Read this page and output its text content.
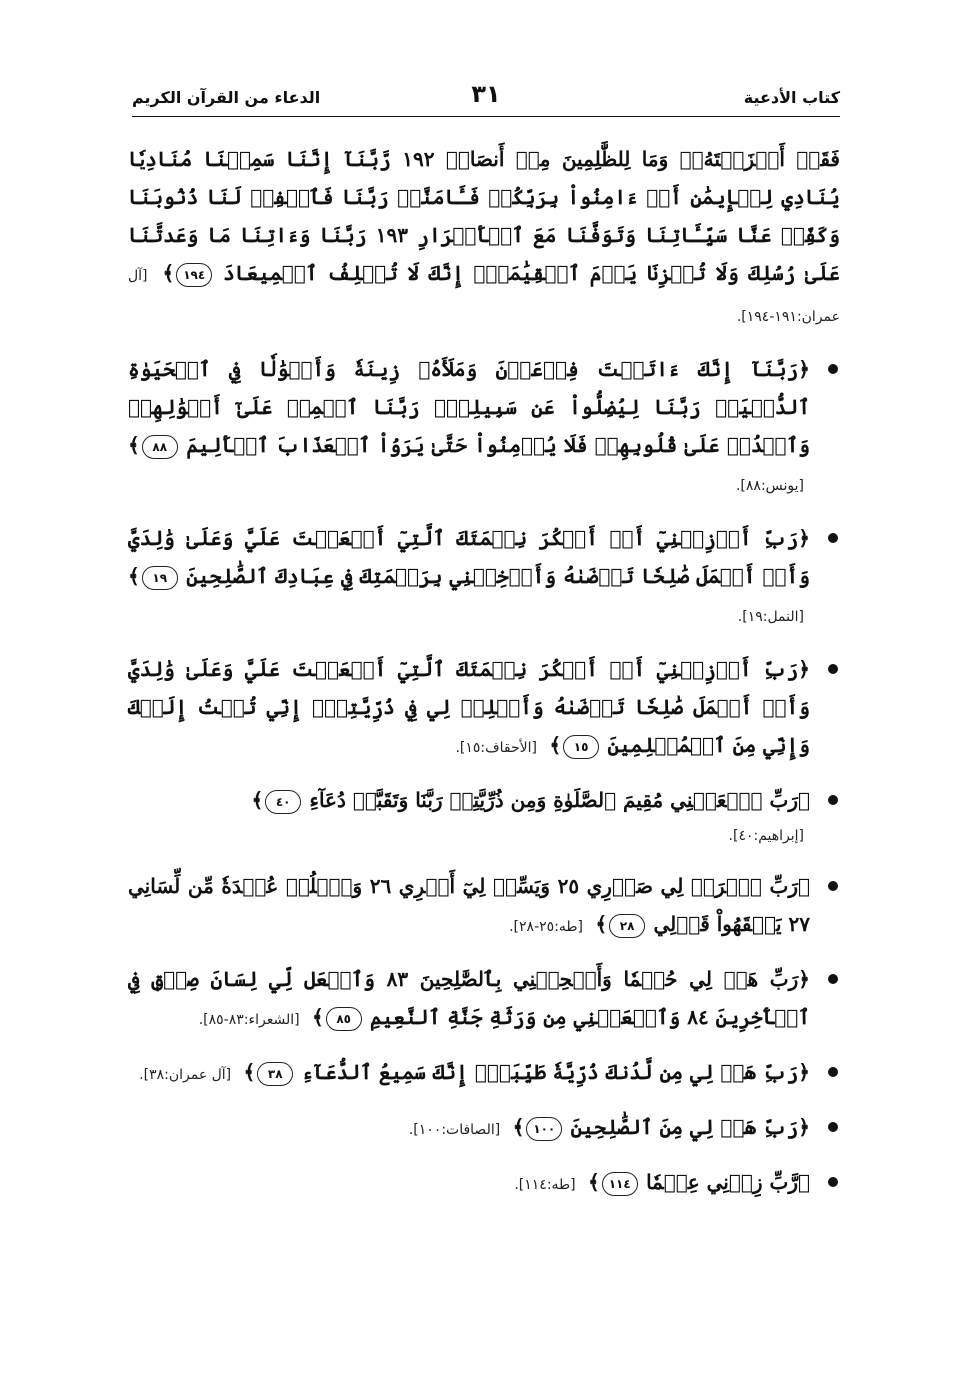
كتاب الأدعية
٣١
الدعاء من القرآن الكريم
فَقَدۡ أَخۡزَيۡتَهُۥۖ وَمَا لِلظَّٰلِمِينَ مِنۡ أَنصَارٖ ١٩٢ رَّبَّنَآ إِنَّنَا سَمِعۡنَا مُنَادِيٗا يُنَادِي لِلۡإِيمَٰنِ أَنۡ ءَامِنُواْ بِرَبِّكُمۡ فَـَٔامَنَّاۚ رَبَّنَا فَٱغۡفِرۡ لَنَا ذُنُوبَنَا وَكَفِّرۡ عَنَّا سَيِّـَٔاتِنَا وَتَوَفَّنَا مَعَ ٱلۡأَبۡرَارِ ١٩٣ رَبَّنَا وَءَاتِنَا مَا وَعَدتَّنَا عَلَىٰ رُسُلِكَ وَلَا تُخۡزِنَا يَوۡمَ ٱلۡقِيَٰمَةِۗ إِنَّكَ لَا تُخۡلِفُ ٱلۡمِيعَادَ ١٩٤﴾ [آل عمران:١٩١-١٩٤].
﴿رَبَّنَآ إِنَّكَ ءَاتَيۡتَ فِرۡعَوۡنَ وَمَلَأَهُۥ زِينَةٗ وَأَمۡوَٰلٗا فِي ٱلۡحَيَوٰةِ ٱلدُّنۡيَاۖ رَبَّنَا لِيُضِلُّواْ عَن سَبِيلِكَۖ رَبَّنَا ٱطۡمِسۡ عَلَىٰٓ أَمۡوَٰلِهِمۡ وَٱشۡدُدۡ عَلَىٰ قُلُوبِهِمۡ فَلَا يُؤۡمِنُواْ حَتَّىٰ يَرَوُاْ ٱلۡعَذَابَ ٱلۡأَلِيمَ ٨٨﴾ [يونس:٨٨].
﴿رَبِّ أَوۡزِعۡنِيٓ أَنۡ أَشۡكُرَ نِعۡمَتَكَ ٱلَّتِيٓ أَنۡعَمۡتَ عَلَيَّ وَعَلَىٰ وَٰلِدَيَّ وَأَنۡ أَعۡمَلَ صَٰلِحٗا تَرۡضَىٰهُ وَأَدۡخِلۡنِي بِرَحۡمَتِكَ فِي عِبَادِكَ ٱلصَّٰلِحِينَ ١٩﴾ [النمل:١٩].
﴿رَبِّ أَوۡزِعۡنِيٓ أَنۡ أَشۡكُرَ نِعۡمَتَكَ ٱلَّتِيٓ أَنۡعَمۡتَ عَلَيَّ وَعَلَىٰ وَٰلِدَيَّ وَأَنۡ أَعۡمَلَ صَٰلِحٗا تَرۡضَىٰهُ وَأَصۡلِحۡ لِي فِي ذُرِّيَّتِيٓۖ إِنِّي تُبۡتُ إِلَيۡكَ وَإِنِّي مِنَ ٱلۡمُسۡلِمِينَ ١٥﴾ [الأحقاف:١٥].
﴿رَبِّ ٱجۡعَلۡنِي مُقِيمَ ٱلصَّلَوٰةِ وَمِن ذُرِّيَّتِيۚ رَبَّنَا وَتَقَبَّلۡ دُعَآءِ ٤٠﴾
[إبراهيم:٤٠].
﴿رَبِّ ٱشۡرَحۡ لِي صَدۡرِي ٢٥ وَيَسِّرۡ لِيٓ أَمۡرِي ٢٦ وَٱحۡلُلۡ عُقۡدَةٗ مِّن لِّسَانِي ٢٧ يَفۡقَهُواْ قَوۡلِي ٢٨﴾ [طه:٢٥-٢٨].
﴿رَبِّ هَبۡ لِي حُكۡمٗا وَأَلۡحِقۡنِي بِٱلصَّٰلِحِينَ ٨٣ وَٱجۡعَل لِّي لِسَانَ صِدۡقٖ فِي ٱلۡأٓخِرِينَ ٨٤ وَٱجۡعَلۡنِي مِن وَرَثَةِ جَنَّةِ ٱلنَّعِيمِ ٨٥﴾ [الشعراء:٨٣-٨٥].
﴿رَبِّ هَبۡ لِي مِن لَّدُنكَ ذُرِّيَّةٗ طَيِّبَةًۖ إِنَّكَ سَمِيعُ ٱلدُّعَآءِ ٣٨﴾ [آل عمران:٣٨].
﴿رَبِّ هَبۡ لِي مِنَ ٱلصَّٰلِحِينَ ١٠٠﴾ [الصافات:١٠٠].
﴿رَّبِّ زِدۡنِي عِلۡمٗا ١١٤﴾ [طه:١١٤].
